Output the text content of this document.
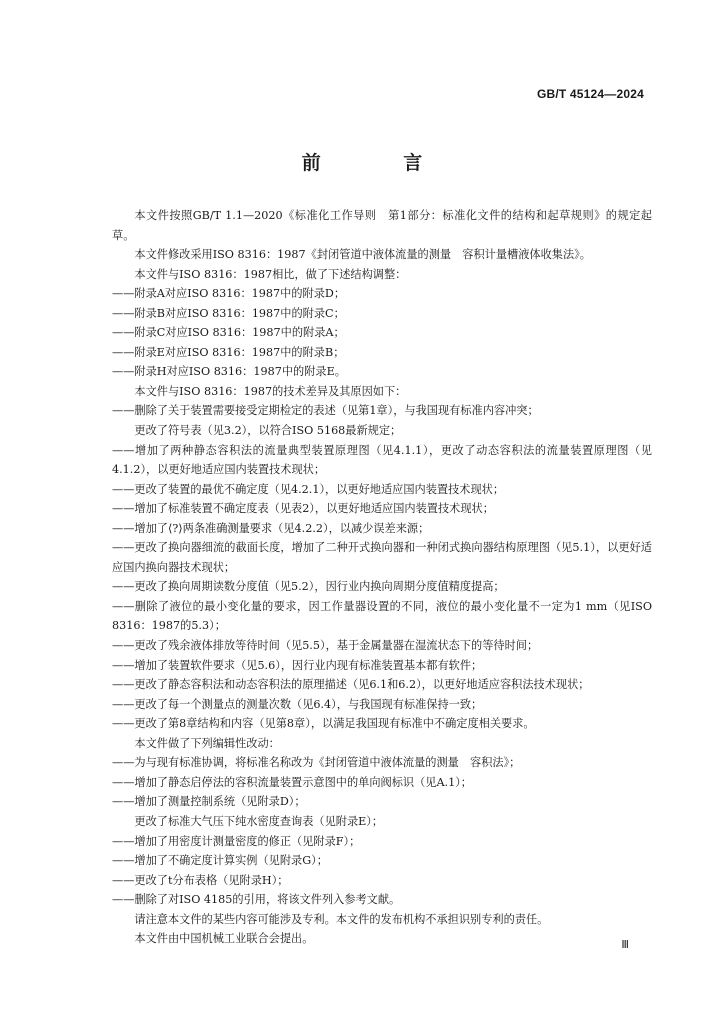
GB/T 45124—2024
前 言

本文件按照GB/T 1.1—2020《标准化工作导则　第1部分：标准化文件的结构和起草规则》的规定起草。

本文件修改采用ISO 8316：1987《封闭管道中液体流量的测量　容积计量槽液体收集法》。

本文件与ISO 8316：1987相比，做了下述结构调整：

——附录A对应ISO 8316：1987中的附录D；

——附录B对应ISO 8316：1987中的附录C；

——附录C对应ISO 8316：1987中的附录A；

——附录E对应ISO 8316：1987中的附录B；

——附录H对应ISO 8316：1987中的附录E。

本文件与ISO 8316：1987的技术差异及其原因如下：

——删除了关于装置需要接受定期检定的表述（见第1章），与我国现有标准内容冲突；

更改了符号表（见3.2），以符合ISO 5168最新规定；

——增加了两种静态容积法的流量典型装置原理图（见4.1.1），更改了动态容积法的流量装置原理图（见4.1.2），以更好地适应国内装置技术现状；

——更改了装置的最优不确定度（见4.2.1），以更好地适应国内装置技术现状；

——增加了标准装置不确定度表（见表2），以更好地适应国内装置技术现状；

——增加了⟨?⟩两条准确测量要求（见4.2.2），以减少误差来源；

——更改了换向器细流的截面长度，增加了二种开式换向器和一种闭式换向器结构原理图（见5.1），以更好适应国内换向器技术现状；

——更改了换向周期读数分度值（见5.2），因行业内换向周期分度值精度提高；

——删除了液位的最小变化量的要求，因工作量器设置的不同，液位的最小变化量不一定为1 mm（见ISO 8316：1987的5.3）；

——更改了残余液体排放等待时间（见5.5），基于金属量器在湿流状态下的等待时间；

——增加了装置软件要求（见5.6），因行业内现有标准装置基本都有软件；

——更改了静态容积法和动态容积法的原理描述（见6.1和6.2），以更好地适应容积法技术现状；

——更改了每一个测量点的测量次数（见6.4），与我国现有标准保持一致；

——更改了第8章结构和内容（见第8章），以满足我国现有标准中不确定度相关要求。

本文件做了下列编辑性改动：

——为与现有标准协调，将标准名称改为《封闭管道中液体流量的测量　容积法》；

——增加了静态启停法的容积流量装置示意图中的单向阀标识（见A.1）；

——增加了测量控制系统（见附录D）；

更改了标准大气压下纯水密度查询表（见附录E）；

——增加了用密度计测量密度的修正（见附录F）；

——增加了不确定度计算实例（见附录G）；

——更改了t分布表格（见附录H）；

——删除了对ISO 4185的引用，将该文件列入参考文献。

请注意本文件的某些内容可能涉及专利。本文件的发布机构不承担识别专利的责任。

本文件由中国机械工业联合会提出。	Ⅲ
